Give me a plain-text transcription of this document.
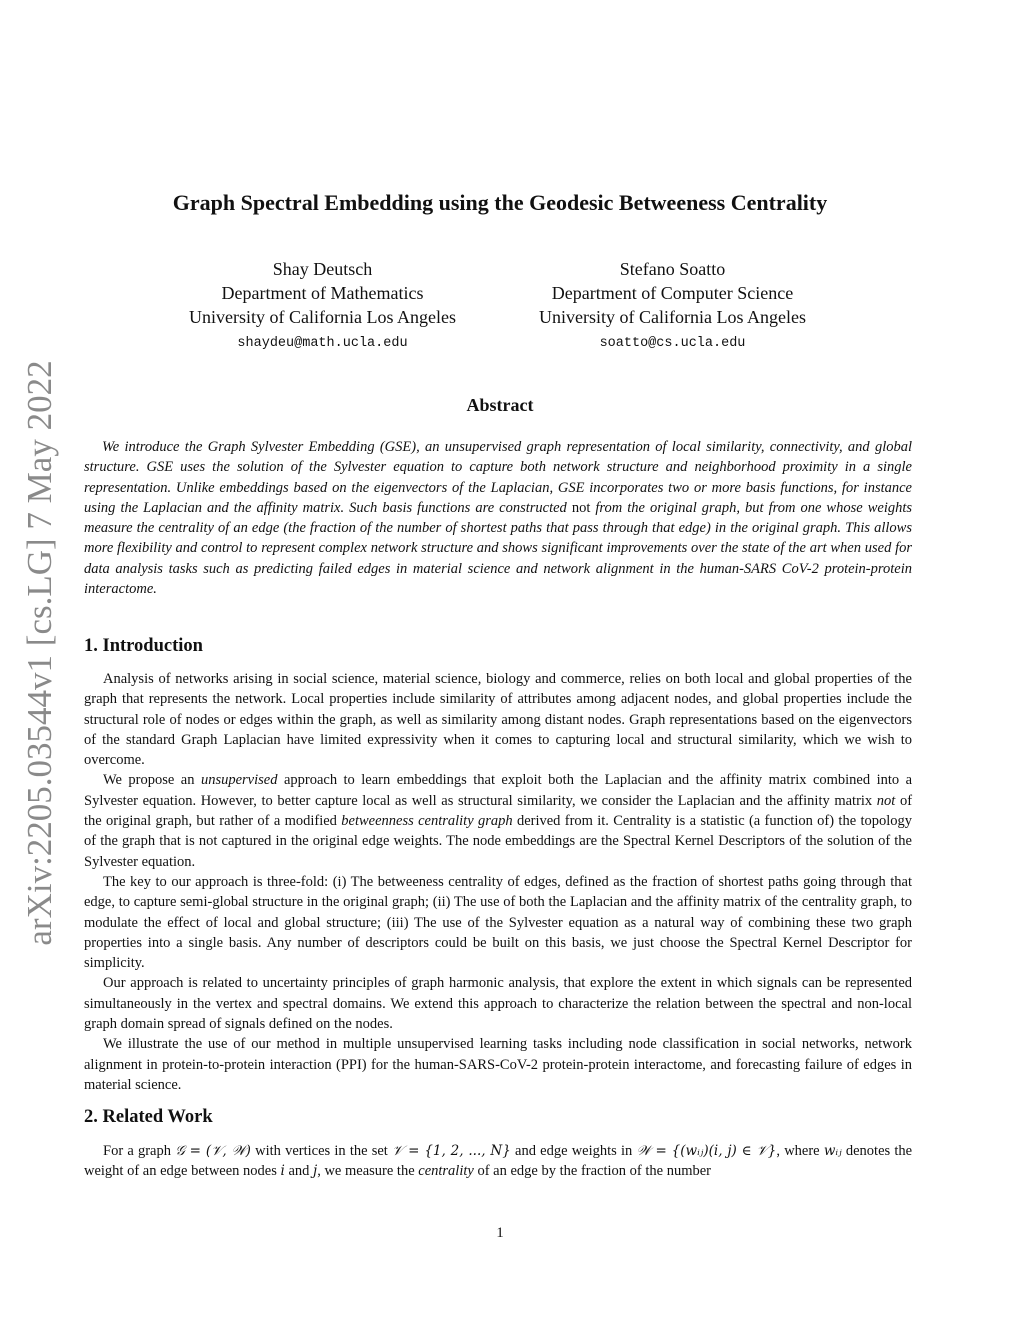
arXiv:2205.03544v1 [cs.LG] 7 May 2022
Graph Spectral Embedding using the Geodesic Betweeness Centrality
Shay Deutsch
Department of Mathematics
University of California Los Angeles
shaydeu@math.ucla.edu
Stefano Soatto
Department of Computer Science
University of California Los Angeles
soatto@cs.ucla.edu
Abstract

We introduce the Graph Sylvester Embedding (GSE), an unsupervised graph representation of local similarity, connectivity, and global structure. GSE uses the solution of the Sylvester equation to capture both network structure and neighborhood proximity in a single representation. Unlike embeddings based on the eigenvectors of the Laplacian, GSE incorporates two or more basis functions, for instance using the Laplacian and the affinity matrix. Such basis functions are constructed not from the original graph, but from one whose weights measure the centrality of an edge (the fraction of the number of shortest paths that pass through that edge) in the original graph. This allows more flexibility and control to represent complex network structure and shows significant improvements over the state of the art when used for data analysis tasks such as predicting failed edges in material science and network alignment in the human-SARS CoV-2 protein-protein interactome.

1. Introduction

Analysis of networks arising in social science, material science, biology and commerce, relies on both local and global properties of the graph that represents the network. Local properties include similarity of attributes among adjacent nodes, and global properties include the structural role of nodes or edges within the graph, as well as similarity among distant nodes. Graph representations based on the eigenvectors of the standard Graph Laplacian have limited expressivity when it comes to capturing local and structural similarity, which we wish to overcome.

We propose an unsupervised approach to learn embeddings that exploit both the Laplacian and the affinity matrix combined into a Sylvester equation. However, to better capture local as well as structural similarity, we consider the Laplacian and the affinity matrix not of the original graph, but rather of a modified betweenness centrality graph derived from it. Centrality is a statistic (a function of) the topology of the graph that is not captured in the original edge weights. The node embeddings are the Spectral Kernel Descriptors of the solution of the Sylvester equation.

The key to our approach is three-fold: (i) The betweeness centrality of edges, defined as the fraction of shortest paths going through that edge, to capture semi-global structure in the original graph; (ii) The use of both the Laplacian and the affinity matrix of the centrality graph, to modulate the effect of local and global structure; (iii) The use of the Sylvester equation as a natural way of combining these two graph properties into a single basis. Any number of descriptors could be built on this basis, we just choose the Spectral Kernel Descriptor for simplicity.

Our approach is related to uncertainty principles of graph harmonic analysis, that explore the extent in which signals can be represented simultaneously in the vertex and spectral domains. We extend this approach to characterize the relation between the spectral and non-local graph domain spread of signals defined on the nodes.

We illustrate the use of our method in multiple unsupervised learning tasks including node classification in social networks, network alignment in protein-to-protein interaction (PPI) for the human-SARS-CoV-2 protein-protein interactome, and forecasting failure of edges in material science.

2. Related Work

For a graph 𝒢 = (𝒱, 𝒲) with vertices in the set 𝒱 = {1, 2, ..., N} and edge weights in 𝒲 = {(wᵢⱼ)(i, j) ∈ 𝒱}, where wᵢⱼ denotes the weight of an edge between nodes i and j, we measure the centrality of an edge by the fraction of the number

1
